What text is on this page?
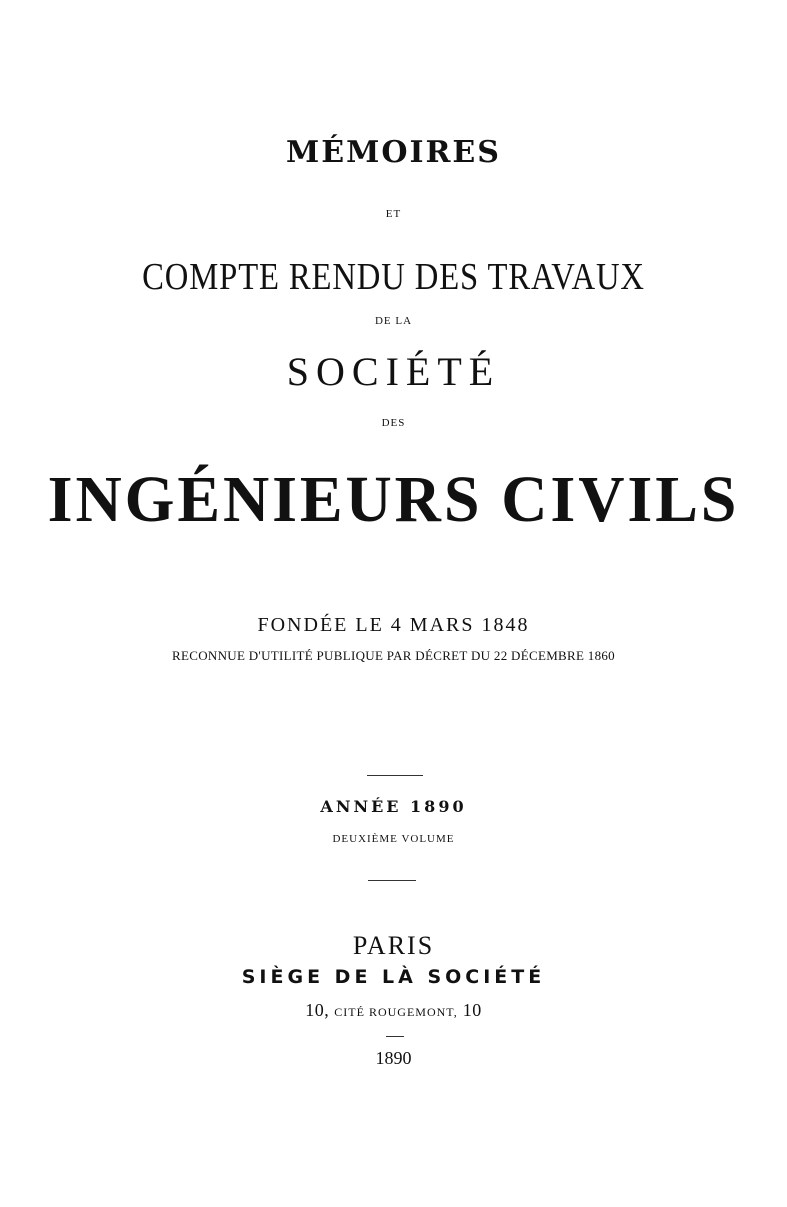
MÉMOIRES
ET
COMPTE RENDU DES TRAVAUX
DE LA
SOCIÉTÉ
DES
INGÉNIEURS CIVILS
FONDÉE LE 4 MARS 1848
RECONNUE D'UTILITÉ PUBLIQUE PAR DÉCRET DU 22 DÉCEMBRE 1860
ANNÉE 1890
DEUXIÈME VOLUME
PARIS
SIÈGE DE LÀ SOCIÉTÉ
10, CITÉ ROUGEMONT, 10
1890
